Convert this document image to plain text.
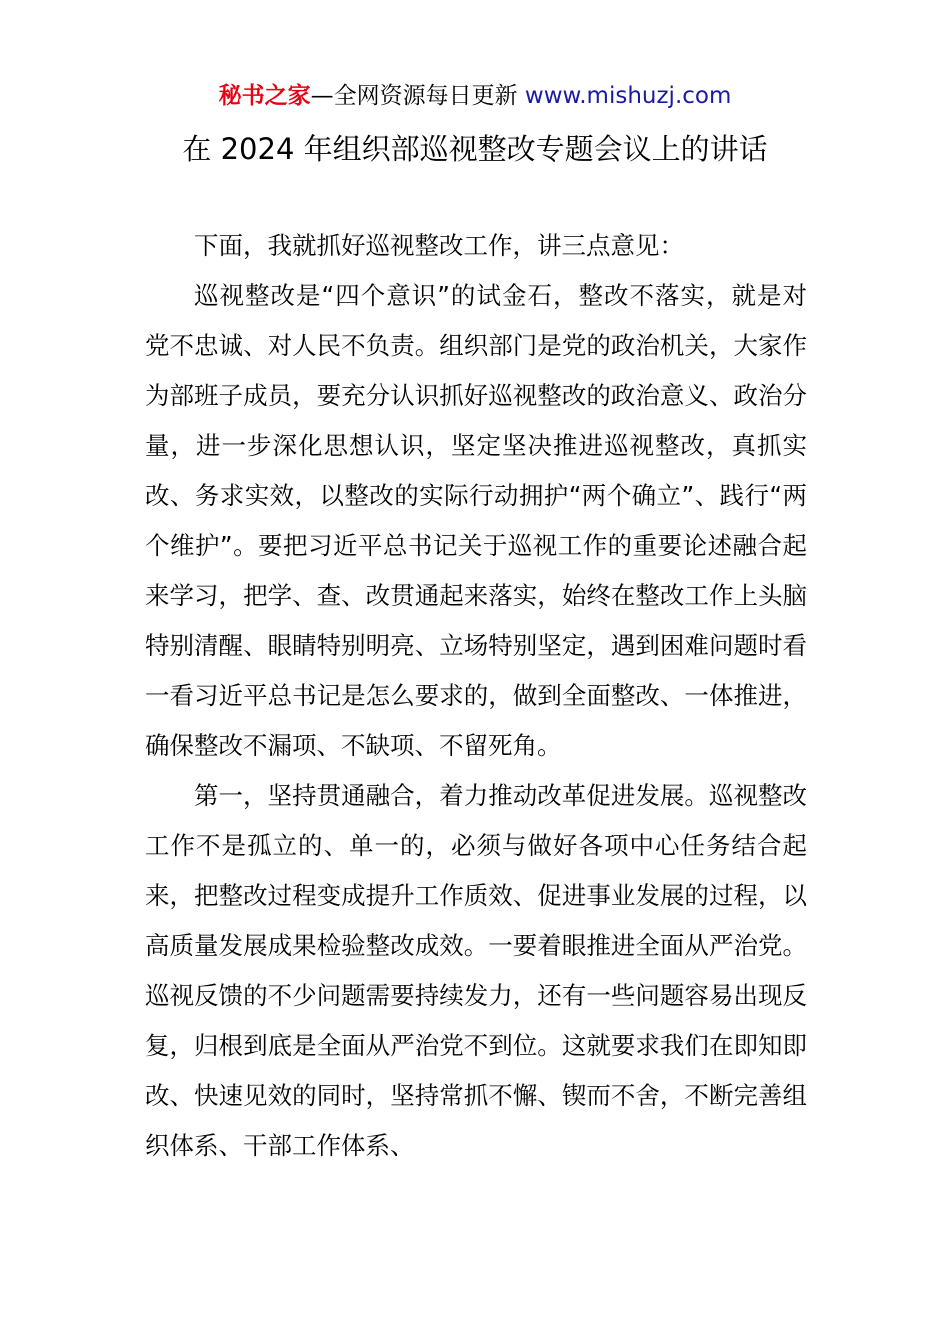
秘书之家—全网资源每日更新 www.mishuzj.com
在 2024 年组织部巡视整改专题会议上的讲话

下面，我就抓好巡视整改工作，讲三点意见：

巡视整改是“四个意识”的试金石，整改不落实，就是对党不忠诚、对人民不负责。组织部门是党的政治机关，大家作为部班子成员，要充分认识抓好巡视整改的政治意义、政治分量，进一步深化思想认识，坚定坚决推进巡视整改，真抓实改、务求实效，以整改的实际行动拥护“两个确立”、践行“两个维护”。要把习近平总书记关于巡视工作的重要论述融合起来学习，把学、查、改贯通起来落实，始终在整改工作上头脑特别清醒、眼睛特别明亮、立场特别坚定，遇到困难问题时看一看习近平总书记是怎么要求的，做到全面整改、一体推进，确保整改不漏项、不缺项、不留死角。

第一，坚持贯通融合，着力推动改革促进发展。巡视整改工作不是孤立的、单一的，必须与做好各项中心任务结合起来，把整改过程变成提升工作质效、促进事业发展的过程，以高质量发展成果检验整改成效。一要着眼推进全面从严治党。巡视反馈的不少问题需要持续发力，还有一些问题容易出现反复，归根到底是全面从严治党不到位。这就要求我们在即知即改、快速见效的同时，坚持常抓不懈、锲而不舍，不断完善组织体系、干部工作体系、
